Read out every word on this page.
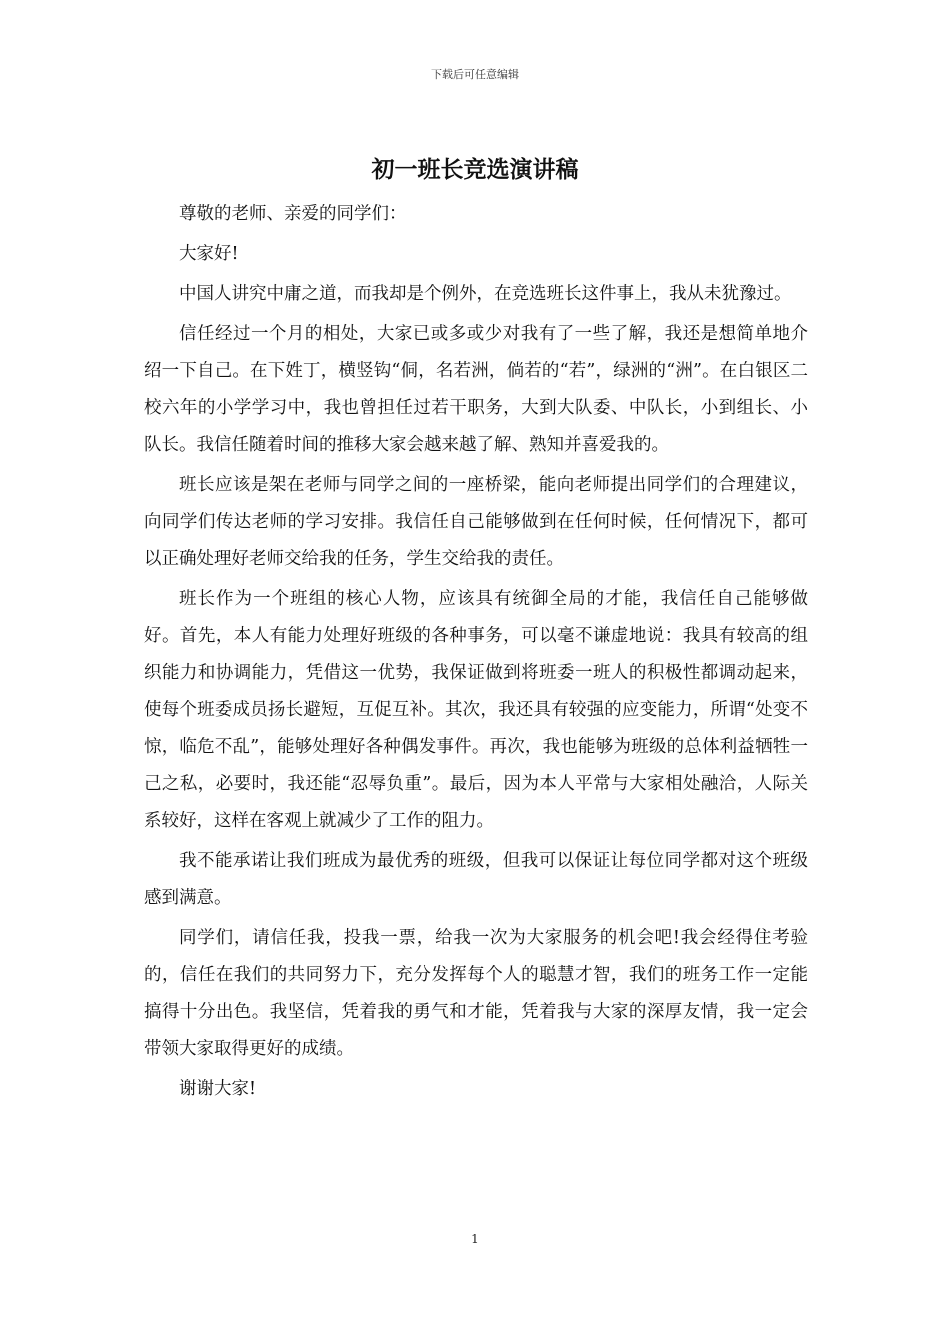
下载后可任意编辑
初一班长竞选演讲稿

尊敬的老师、亲爱的同学们：

大家好!

中国人讲究中庸之道，而我却是个例外，在竞选班长这件事上，我从未犹豫过。

信任经过一个月的相处，大家已或多或少对我有了一些了解，我还是想简单地介绍一下自己。在下姓丁，横竖钩“侗，名若洲，倘若的“若”，绿洲的“洲”。在白银区二校六年的小学学习中，我也曾担任过若干职务，大到大队委、中队长，小到组长、小队长。我信任随着时间的推移大家会越来越了解、熟知并喜爱我的。

班长应该是架在老师与同学之间的一座桥梁，能向老师提出同学们的合理建议，向同学们传达老师的学习安排。我信任自己能够做到在任何时候，任何情况下，都可以正确处理好老师交给我的任务，学生交给我的责任。

班长作为一个班组的核心人物，应该具有统御全局的才能，我信任自己能够做好。首先，本人有能力处理好班级的各种事务，可以毫不谦虚地说：我具有较高的组织能力和协调能力，凭借这一优势，我保证做到将班委一班人的积极性都调动起来，使每个班委成员扬长避短，互促互补。其次，我还具有较强的应变能力，所谓“处变不惊，临危不乱”，能够处理好各种偶发事件。再次，我也能够为班级的总体利益牺牲一己之私，必要时，我还能“忍辱负重”。最后，因为本人平常与大家相处融洽，人际关系较好，这样在客观上就减少了工作的阻力。

我不能承诺让我们班成为最优秀的班级，但我可以保证让每位同学都对这个班级感到满意。

同学们，请信任我，投我一票，给我一次为大家服务的机会吧!我会经得住考验的，信任在我们的共同努力下，充分发挥每个人的聪慧才智，我们的班务工作一定能搞得十分出色。我坚信，凭着我的勇气和才能，凭着我与大家的深厚友情，我一定会带领大家取得更好的成绩。

谢谢大家!

1
